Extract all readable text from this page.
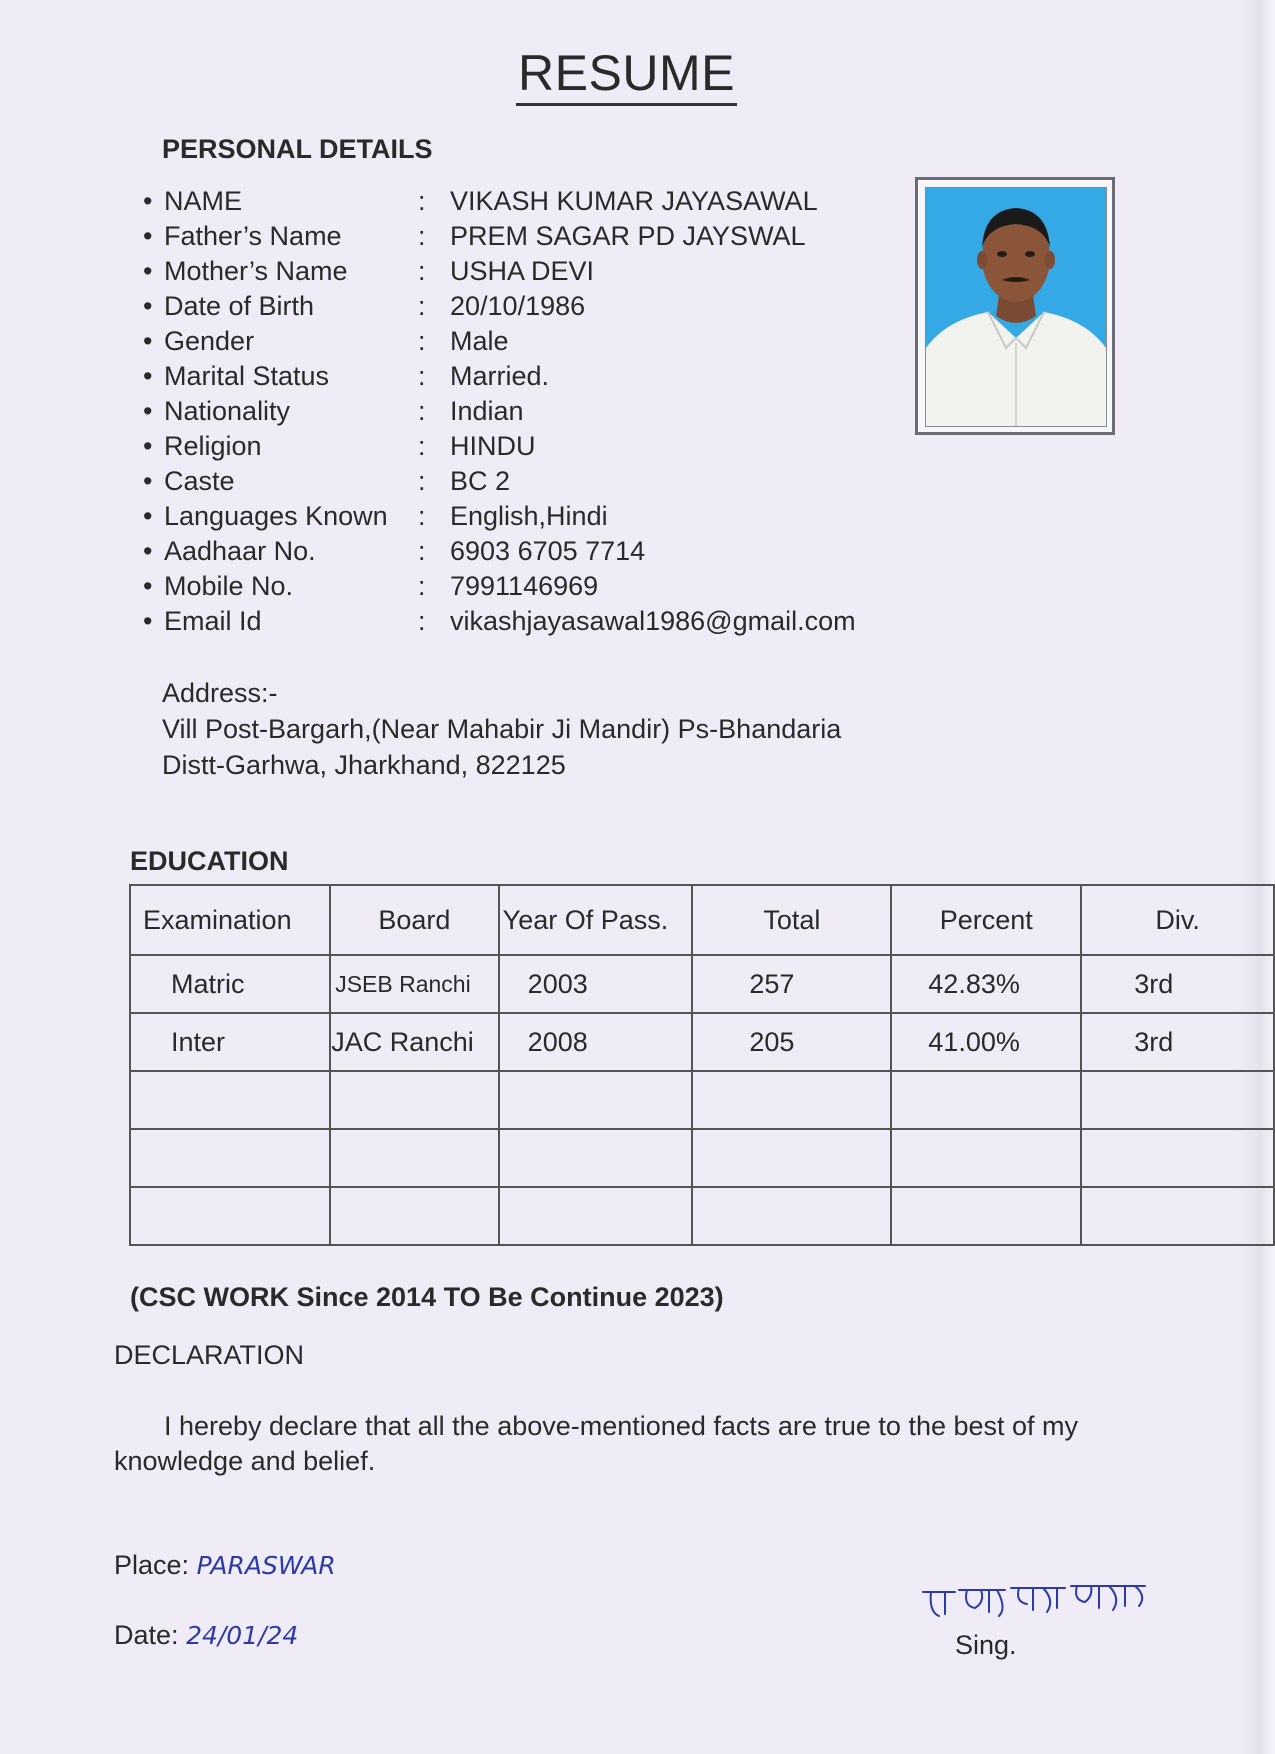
RESUME
PERSONAL DETAILS
• NAME	: VIKASH KUMAR JAYASAWAL
• Father’s Name	: PREM SAGAR PD JAYSWAL
• Mother’s Name	: USHA DEVI
• Date of Birth	: 20/10/1986
• Gender	: Male
• Marital Status	: Married.
• Nationality	: Indian
• Religion	: HINDU
• Caste	: BC 2
• Languages Known : English,Hindi
• Aadhaar No.	: 6903 6705 7714
• Mobile No.	: 7991146969
• Email Id	: vikashjayasawal1986@gmail.com
Address:-
Vill Post-Bargarh,(Near Mahabir Ji Mandir) Ps-Bhandaria
Distt-Garhwa, Jharkhand, 822125
EDUCATION
Examination	Board	Year Of Pass.	Total	Percent	Div.
Matric	JSEB Ranchi	2003	257	42.83%	3rd
Inter	JAC Ranchi	2008	205	41.00%	3rd

(CSC WORK Since 2014 TO Be Continue 2023)
DECLARATION
I hereby declare that all the above-mentioned facts are true to the best of my knowledge and belief.
Place: PARASWAR
Date: 24/01/24	Sing.
